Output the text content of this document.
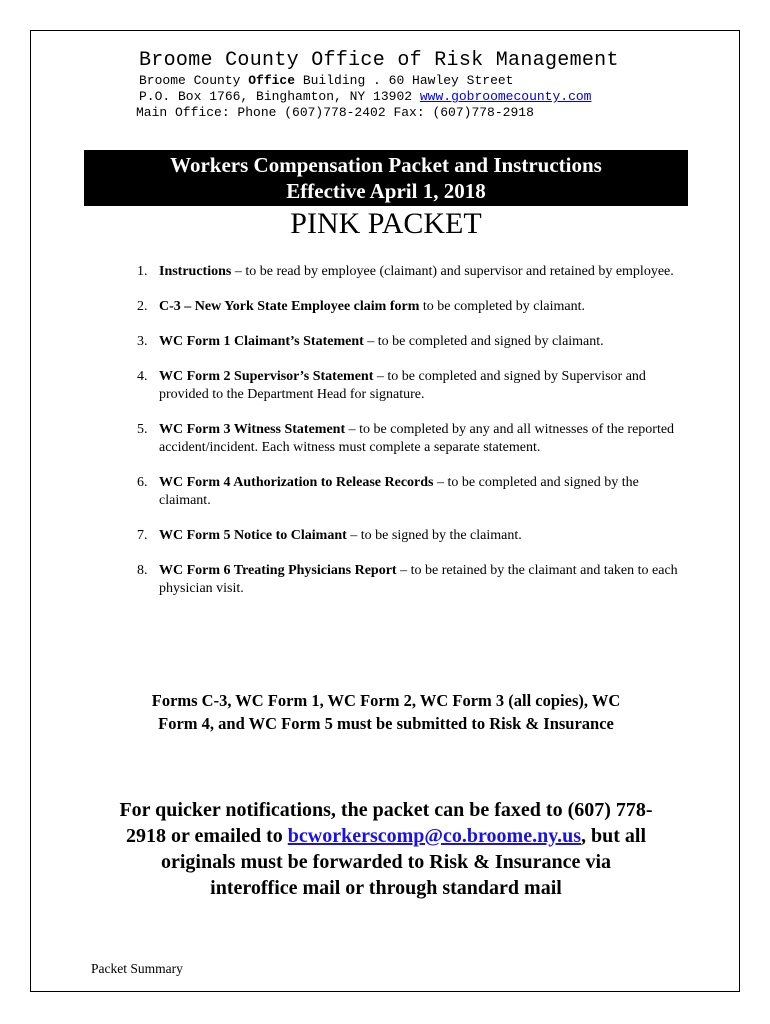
Broome County Office of Risk Management
Broome County Office Building . 60 Hawley Street
P.O. Box 1766, Binghamton, NY 13902 www.gobroomecounty.com
Main Office: Phone (607)778-2402 Fax: (607)778-2918
Workers Compensation Packet and Instructions
Effective April 1, 2018
PINK PACKET
1. Instructions – to be read by employee (claimant) and supervisor and retained by employee.
2. C-3 – New York State Employee claim form to be completed by claimant.
3. WC Form 1 Claimant’s Statement – to be completed and signed by claimant.
4. WC Form 2 Supervisor’s Statement – to be completed and signed by Supervisor and provided to the Department Head for signature.
5. WC Form 3 Witness Statement – to be completed by any and all witnesses of the reported accident/incident. Each witness must complete a separate statement.
6. WC Form 4 Authorization to Release Records – to be completed and signed by the claimant.
7. WC Form 5 Notice to Claimant – to be signed by the claimant.
8. WC Form 6 Treating Physicians Report – to be retained by the claimant and taken to each physician visit.
Forms C-3, WC Form 1, WC Form 2, WC Form 3 (all copies), WC
Form 4, and WC Form 5 must be submitted to Risk & Insurance
For quicker notifications, the packet can be faxed to (607) 778-
2918 or emailed to bcworkerscomp@co.broome.ny.us, but all
originals must be forwarded to Risk & Insurance via
interoffice mail or through standard mail
Packet Summary
